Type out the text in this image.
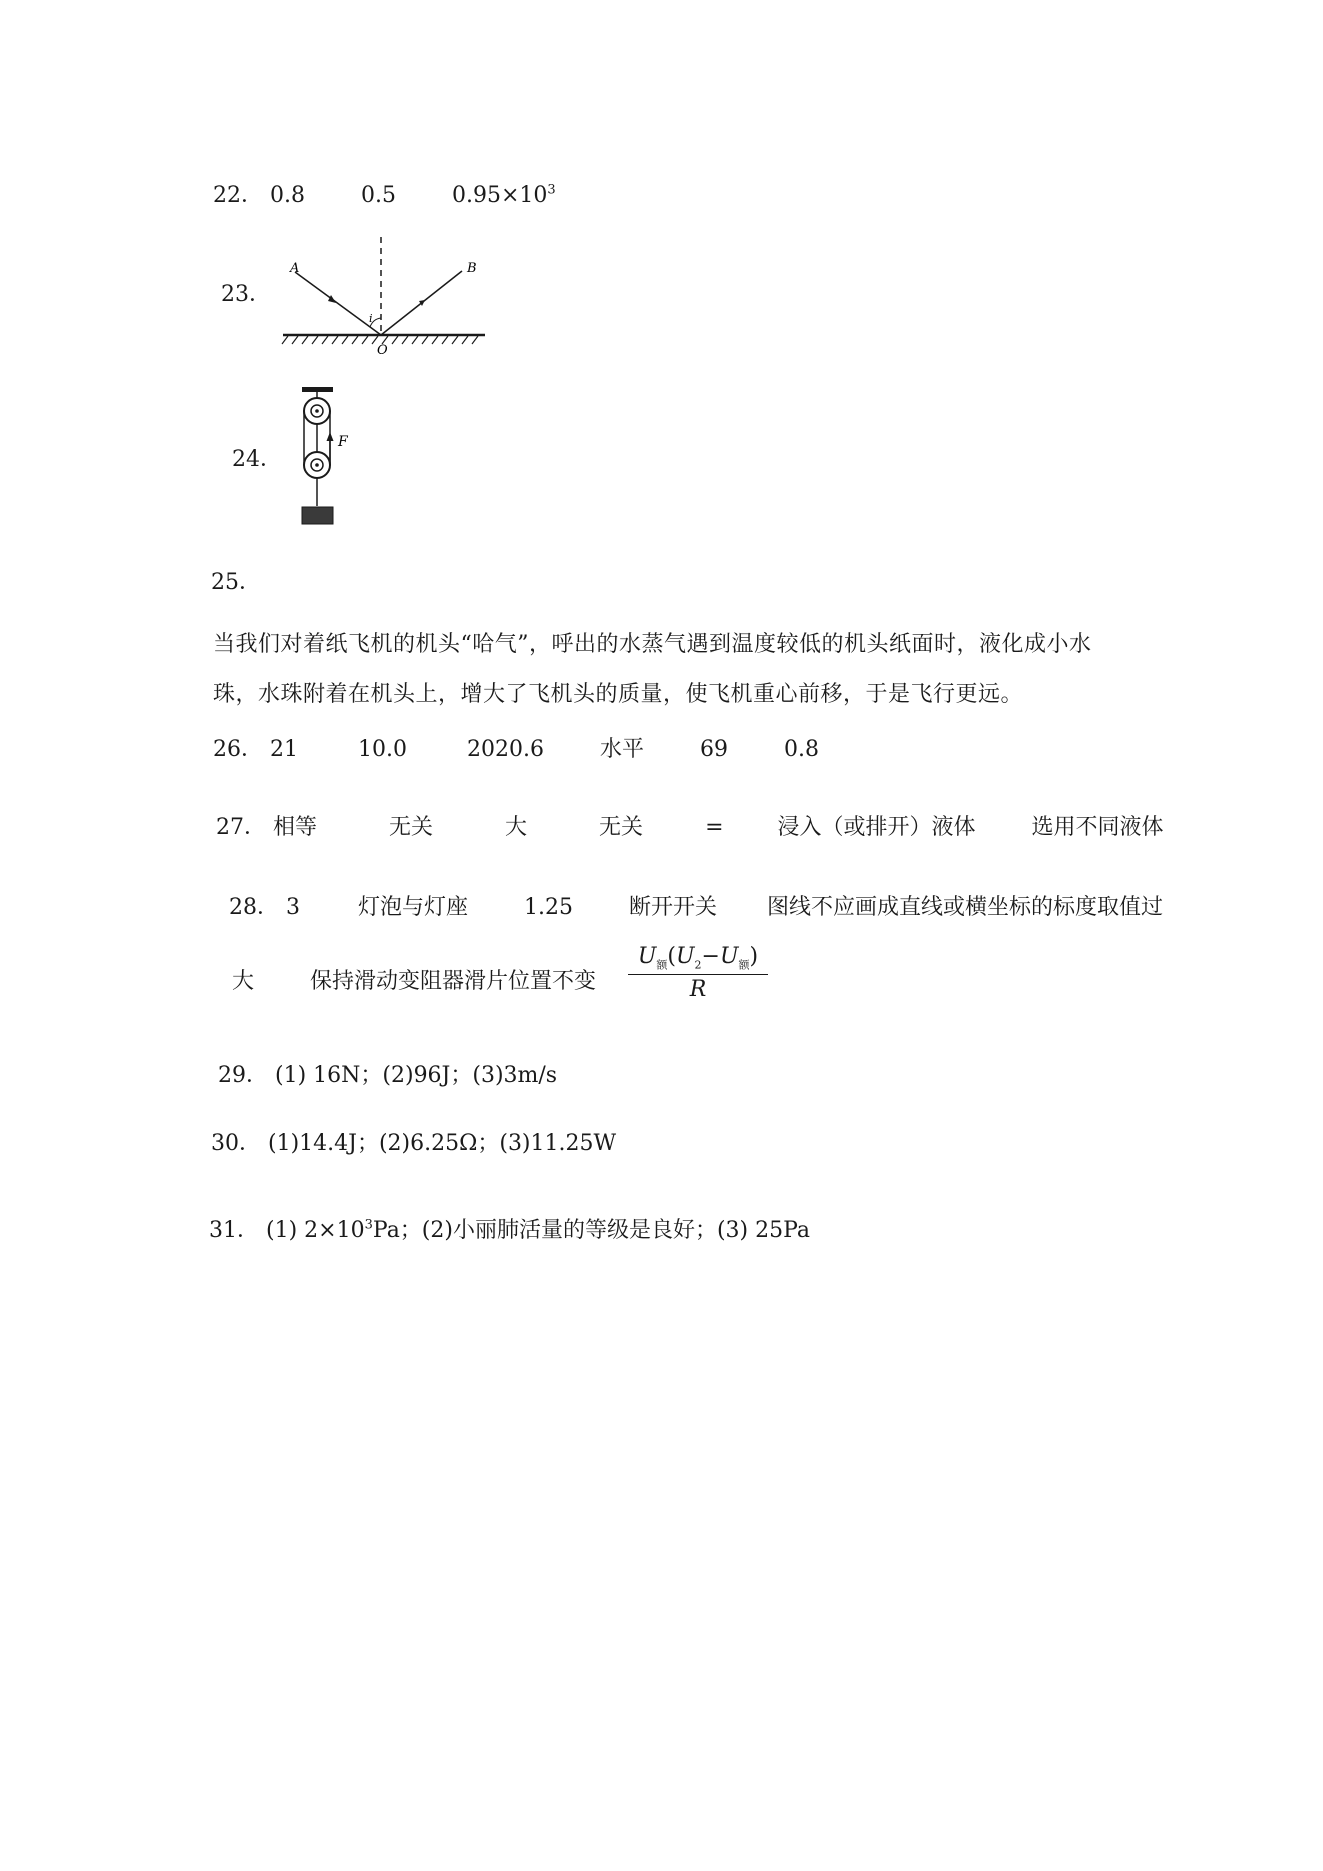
22． 0.8	0.5	$0.95\times 10^3$
23．
A	B
O
i
24．
F
25．
当我们对着纸飞机的机头“哈气”，呼出的水蒸气遇到温度较低的机头纸面时，液化成小水珠，水珠附着在机头上，增大了飞机头的质量，使飞机重心前移，于是飞行更远。
26． 21	10.0	2020.6	水平	69	0.8
27． 相等	无关	大	无关	= 浸入（或排开）液体	选用不同液体
28． 3	灯泡与灯座	1.25	断开开关 图线不应画成直线或横坐标的标度取值过
大	保持滑动变阻器滑片位置不变
$U_额(U_2-U_额)$
R
29． (1) 16N；(2)96J；(3)3m/s
30． (1)14.4J；(2)6.25Ω；(3)11.25W
31． (1) $2\times 10^3Pa$；(2)小丽肺活量的等级是良好；(3) 25Pa
